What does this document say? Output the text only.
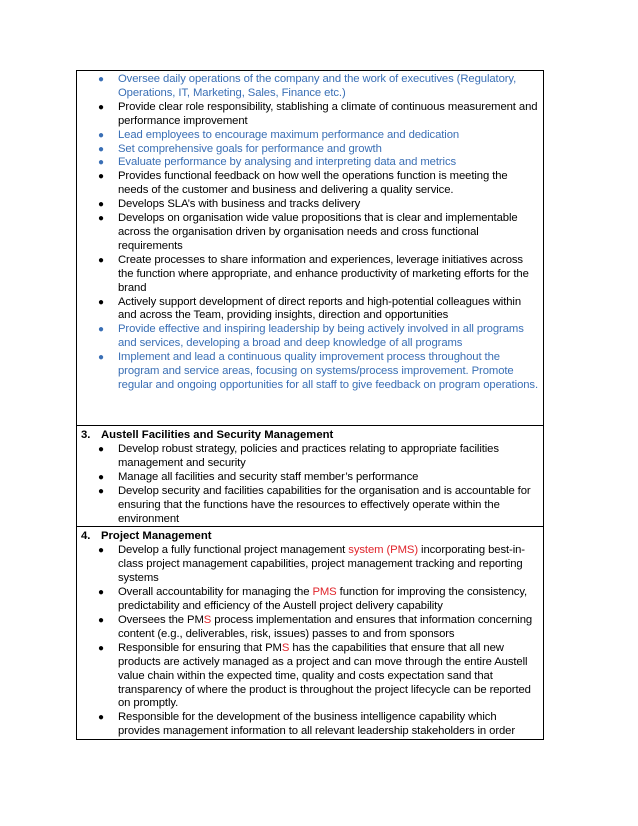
● Oversee daily operations of the company and the work of executives (Regulatory, Operations, IT, Marketing, Sales, Finance etc.)
● Provide clear role responsibility, stablishing a climate of continuous measurement and performance improvement
● Lead employees to encourage maximum performance and dedication
● Set comprehensive goals for performance and growth
● Evaluate performance by analysing and interpreting data and metrics
● Provides functional feedback on how well the operations function is meeting the needs of the customer and business and delivering a quality service.
● Develops SLA’s with business and tracks delivery
● Develops on organisation wide value propositions that is clear and implementable across the organisation driven by organisation needs and cross functional requirements
● Create processes to share information and experiences, leverage initiatives across the function where appropriate, and enhance productivity of marketing efforts for the brand
● Actively support development of direct reports and high-potential colleagues within and across the Team, providing insights, direction and opportunities
● Provide effective and inspiring leadership by being actively involved in all programs and services, developing a broad and deep knowledge of all programs
● Implement and lead a continuous quality improvement process throughout the program and service areas, focusing on systems/process improvement. Promote regular and ongoing opportunities for all staff to give feedback on program operations.

3. Austell Facilities and Security Management
● Develop robust strategy, policies and practices relating to appropriate facilities management and security
● Manage all facilities and security staff member’s performance
● Develop security and facilities capabilities for the organisation and is accountable for ensuring that the functions have the resources to effectively operate within the environment

4. Project Management
● Develop a fully functional project management system (PMS) incorporating best-in-class project management capabilities, project management tracking and reporting systems
● Overall accountability for managing the PMS function for improving the consistency, predictability and efficiency of the Austell project delivery capability
● Oversees the PMS process implementation and ensures that information concerning content (e.g., deliverables, risk, issues) passes to and from sponsors
● Responsible for ensuring that PMS has the capabilities that ensure that all new products are actively managed as a project and can move through the entire Austell value chain within the expected time, quality and costs expectation sand that transparency of where the product is throughout the project lifecycle can be reported on promptly.
● Responsible for the development of the business intelligence capability which provides management information to all relevant leadership stakeholders in order
